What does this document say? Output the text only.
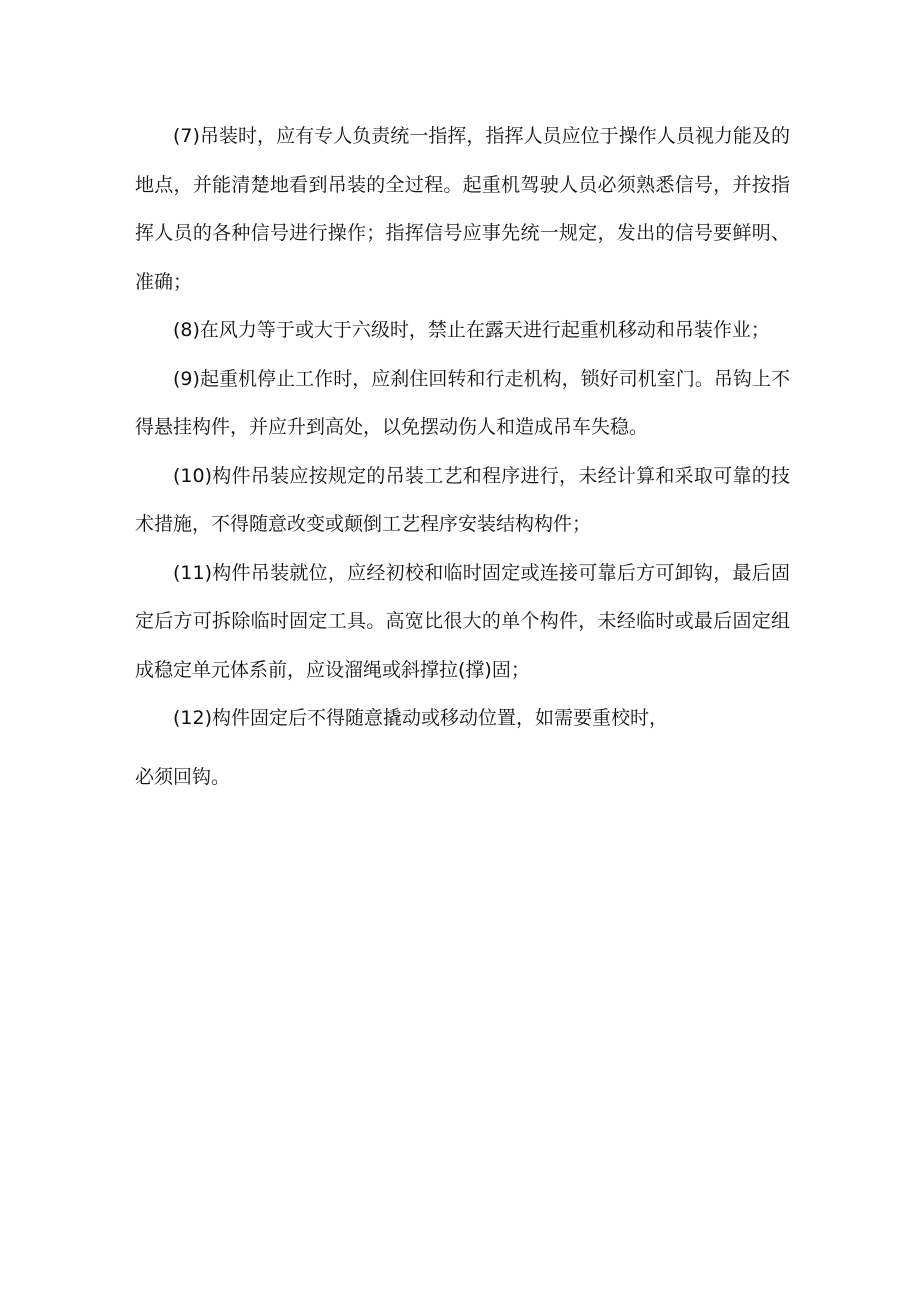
(7)吊装时，应有专人负责统一指挥，指挥人员应位于操作人员视力能及的地点，并能清楚地看到吊装的全过程。起重机驾驶人员必须熟悉信号，并按指挥人员的各种信号进行操作；指挥信号应事先统一规定，发出的信号要鲜明、准确；

(8)在风力等于或大于六级时，禁止在露天进行起重机移动和吊装作业；

(9)起重机停止工作时，应刹住回转和行走机构，锁好司机室门。吊钩上不得悬挂构件，并应升到高处，以免摆动伤人和造成吊车失稳。

(10)构件吊装应按规定的吊装工艺和程序进行，未经计算和采取可靠的技术措施，不得随意改变或颠倒工艺程序安装结构构件；

(11)构件吊装就位，应经初校和临时固定或连接可靠后方可卸钩，最后固定后方可拆除临时固定工具。高宽比很大的单个构件，未经临时或最后固定组成稳定单元体系前，应设溜绳或斜撑拉(撑)固；

(12)构件固定后不得随意撬动或移动位置，如需要重校时，

必须回钩。
